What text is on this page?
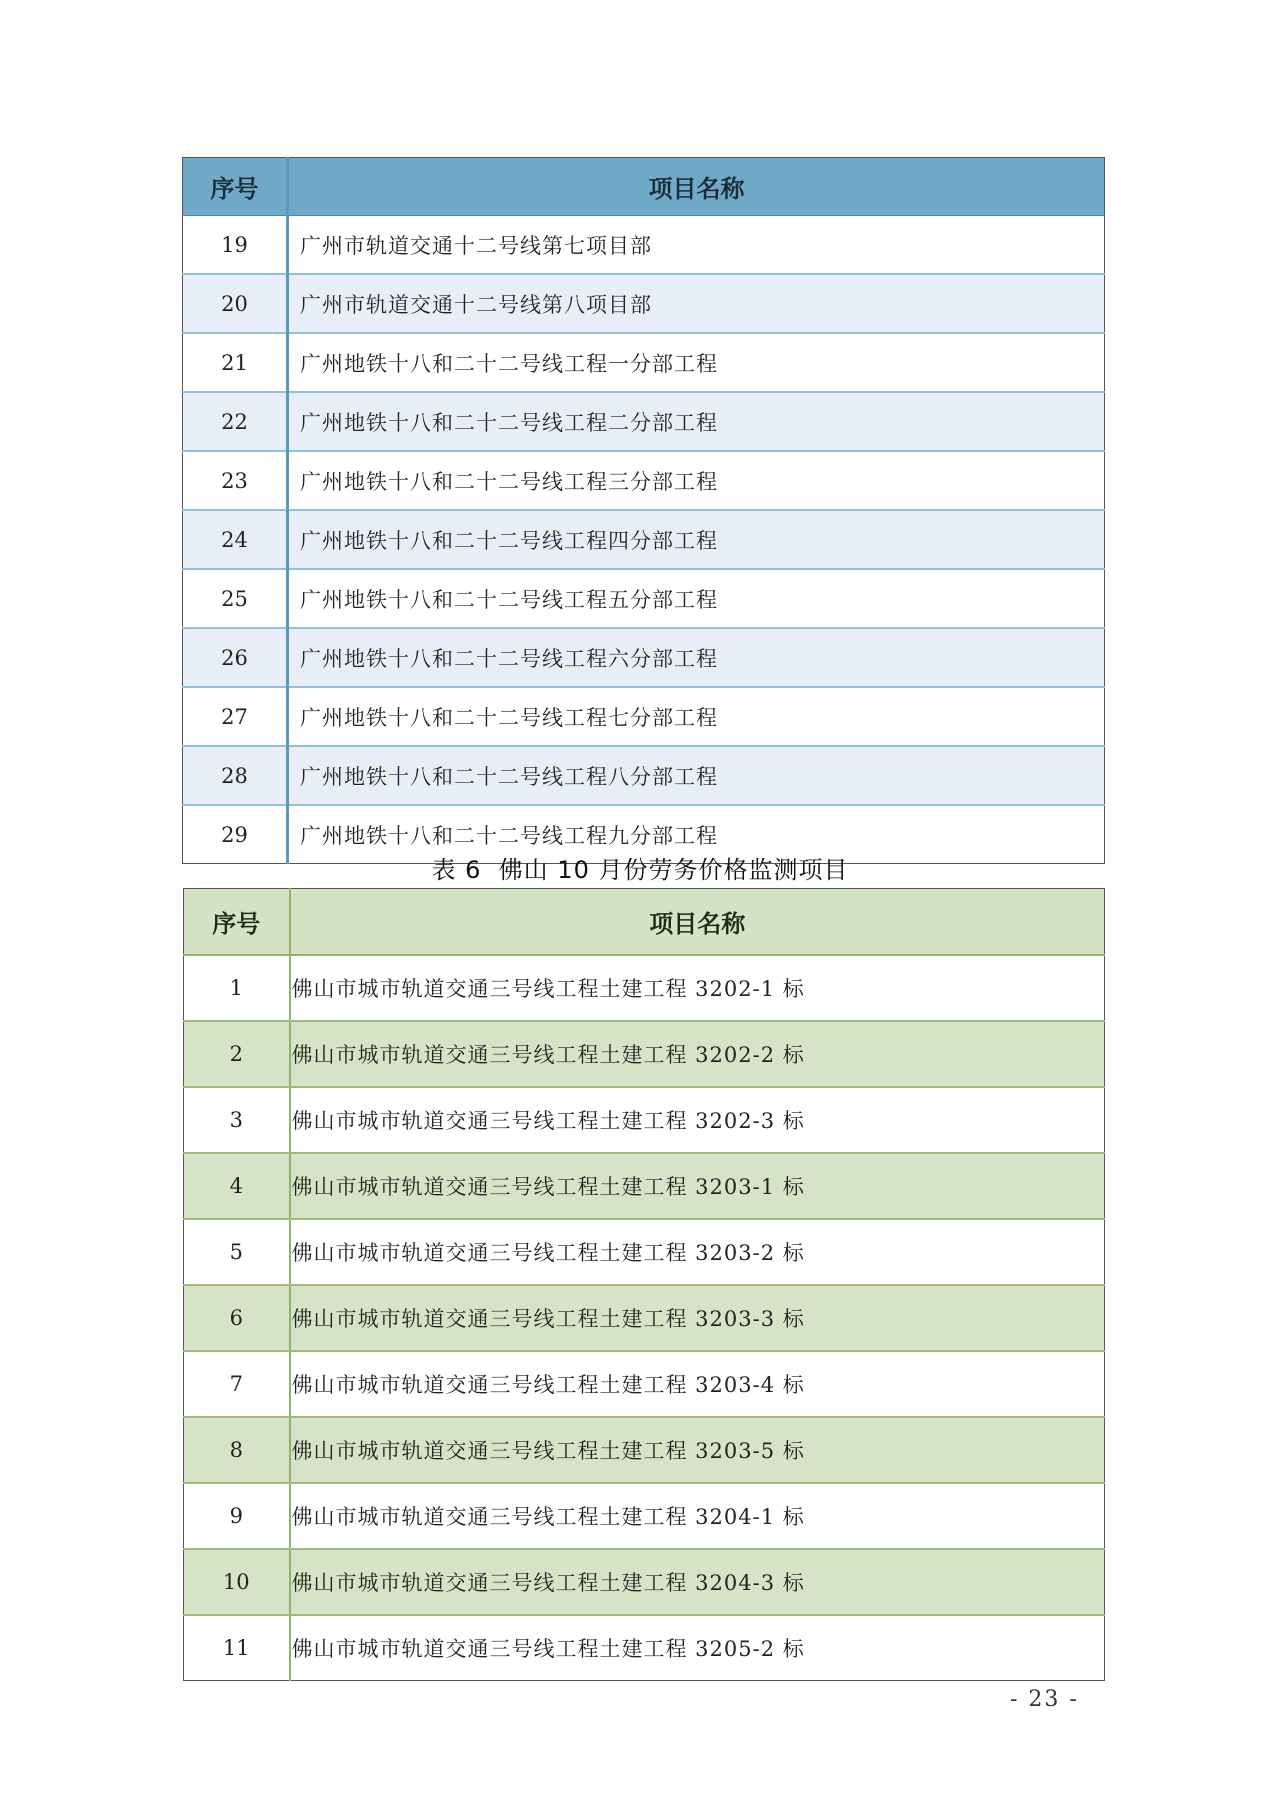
序号	项目名称
19	广州市轨道交通十二号线第七项目部
20	广州市轨道交通十二号线第八项目部
21	广州地铁十八和二十二号线工程一分部工程
22	广州地铁十八和二十二号线工程二分部工程
23	广州地铁十八和二十二号线工程三分部工程
24	广州地铁十八和二十二号线工程四分部工程
25	广州地铁十八和二十二号线工程五分部工程
26	广州地铁十八和二十二号线工程六分部工程
27	广州地铁十八和二十二号线工程七分部工程
28	广州地铁十八和二十二号线工程八分部工程
29	广州地铁十八和二十二号线工程九分部工程
表 6  佛山 10 月份劳务价格监测项目
序号	项目名称
1	佛山市城市轨道交通三号线工程土建工程 3202-1 标
2	佛山市城市轨道交通三号线工程土建工程 3202-2 标
3	佛山市城市轨道交通三号线工程土建工程 3202-3 标
4	佛山市城市轨道交通三号线工程土建工程 3203-1 标
5	佛山市城市轨道交通三号线工程土建工程 3203-2 标
6	佛山市城市轨道交通三号线工程土建工程 3203-3 标
7	佛山市城市轨道交通三号线工程土建工程 3203-4 标
8	佛山市城市轨道交通三号线工程土建工程 3203-5 标
9	佛山市城市轨道交通三号线工程土建工程 3204-1 标
10	佛山市城市轨道交通三号线工程土建工程 3204-3 标
11	佛山市城市轨道交通三号线工程土建工程 3205-2 标
- 23 -
